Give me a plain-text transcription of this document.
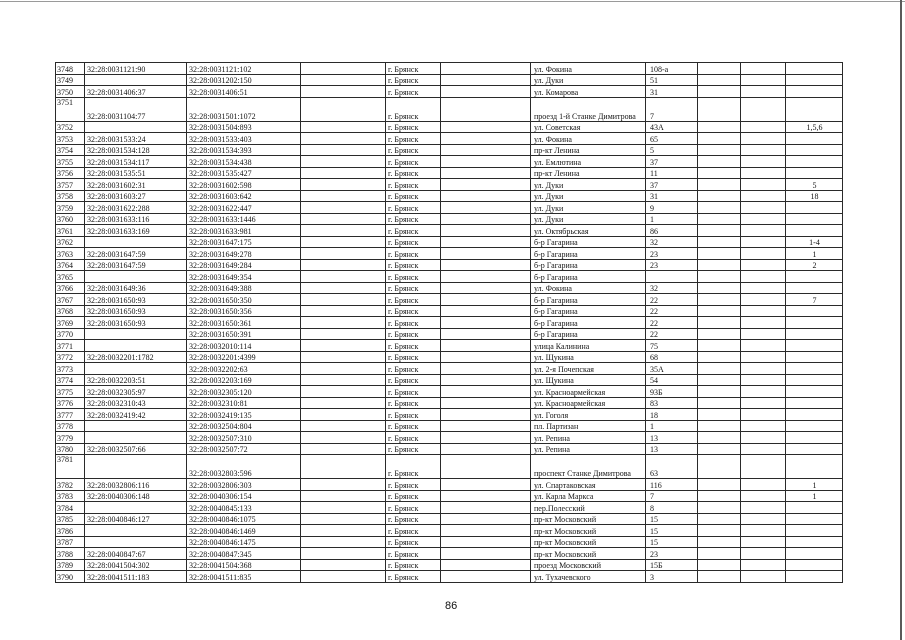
3748	32:28:0031121:90	32:28:0031121:102		г. Брянск		ул. Фокина	108-а			
3749		32:28:0031202:150		г. Брянск		ул. Дуки	51			
3750	32:28:0031406:37	32:28:0031406:51		г. Брянск		ул. Комарова	31			
3751	32:28:0031104:77	32:28:0031501:1072		г. Брянск		проезд 1-й Станке Димитрова	7			
3752		32:28:0031504:893		г. Брянск		ул. Советская	43А			1,5,6
3753	32:28:0031533:24	32:28:0031533:403		г. Брянск		ул. Фокина	65			
3754	32:28:0031534:128	32:28:0031534:393		г. Брянск		пр-кт Ленина	5			
3755	32:28:0031534:117	32:28:0031534:438		г. Брянск		ул. Емлютина	37			
3756	32:28:0031535:51	32:28:0031535:427		г. Брянск		пр-кт Ленина	11			
3757	32:28:0031602:31	32:28:0031602:598		г. Брянск		ул. Дуки	37			5
3758	32:28:0031603:27	32:28:0031603:642		г. Брянск		ул. Дуки	31			18
3759	32:28:0031622:288	32:28:0031622:447		г. Брянск		ул. Дуки	9			
3760	32:28:0031633:116	32:28:0031633:1446		г. Брянск		ул. Дуки	1			
3761	32:28:0031633:169	32:28:0031633:981		г. Брянск		ул. Октябрьская	86			
3762		32:28:0031647:175		г. Брянск		б-р Гагарина	32			1-4
3763	32:28:0031647:59	32:28:0031649:278		г. Брянск		б-р Гагарина	23			1
3764	32:28:0031647:59	32:28:0031649:284		г. Брянск		б-р Гагарина	23			2
3765		32:28:0031649:354		г. Брянск		б-р Гагарина				
3766	32:28:0031649:36	32:28:0031649:388		г. Брянск		ул. Фокина	32			
3767	32:28:0031650:93	32:28:0031650:350		г. Брянск		б-р Гагарина	22			7
3768	32:28:0031650:93	32:28:0031650:356		г. Брянск		б-р Гагарина	22			
3769	32:28:0031650:93	32:28:0031650:361		г. Брянск		б-р Гагарина	22			
3770		32:28:0031650:391		г. Брянск		б-р Гагарина	22			
3771		32:28:0032010:114		г. Брянск		улица Калинина	75			
3772	32:28:0032201:1782	32:28:0032201:4399		г. Брянск		ул. Щукина	68			
3773		32:28:0032202:63		г. Брянск		ул. 2-я Почепская	35А			
3774	32:28:0032203:51	32:28:0032203:169		г. Брянск		ул. Щукина	54			
3775	32:28:0032305:97	32:28:0032305:120		г. Брянск		ул. Красноармейская	93Б			
3776	32:28:0032310:43	32:28:0032310:81		г. Брянск		ул. Красноармейская	83			
3777	32:28:0032419:42	32:28:0032419:135		г. Брянск		ул. Гоголя	18			
3778		32:28:0032504:804		г. Брянск		пл. Партизан	1			
3779		32:28:0032507:310		г. Брянск		ул. Репина	13			
3780	32:28:0032507:66	32:28:0032507:72		г. Брянск		ул. Репина	13			
3781		32:28:0032803:596		г. Брянск		проспект Станке Димитрова	63			
3782	32:28:0032806:116	32:28:0032806:303		г. Брянск		ул. Спартаковская	116			1
3783	32:28:0040306:148	32:28:0040306:154		г. Брянск		ул. Карла Маркса	7			1
3784		32:28:0040845:133		г. Брянск		пер.Полесский	8			
3785	32:28:0040846:127	32:28:0040846:1075		г. Брянск		пр-кт Московский	15			
3786		32:28:0040846:1469		г. Брянск		пр-кт Московский	15			
3787		32:28:0040846:1475		г. Брянск		пр-кт Московский	15			
3788	32:28:0040847:67	32:28:0040847:345		г. Брянск		пр-кт Московский	23			
3789	32:28:0041504:302	32:28:0041504:368		г. Брянск		проезд Московский	15Б			
3790	32:28:0041511:183	32:28:0041511:835		г. Брянск		ул. Тухачевского	3			
86
